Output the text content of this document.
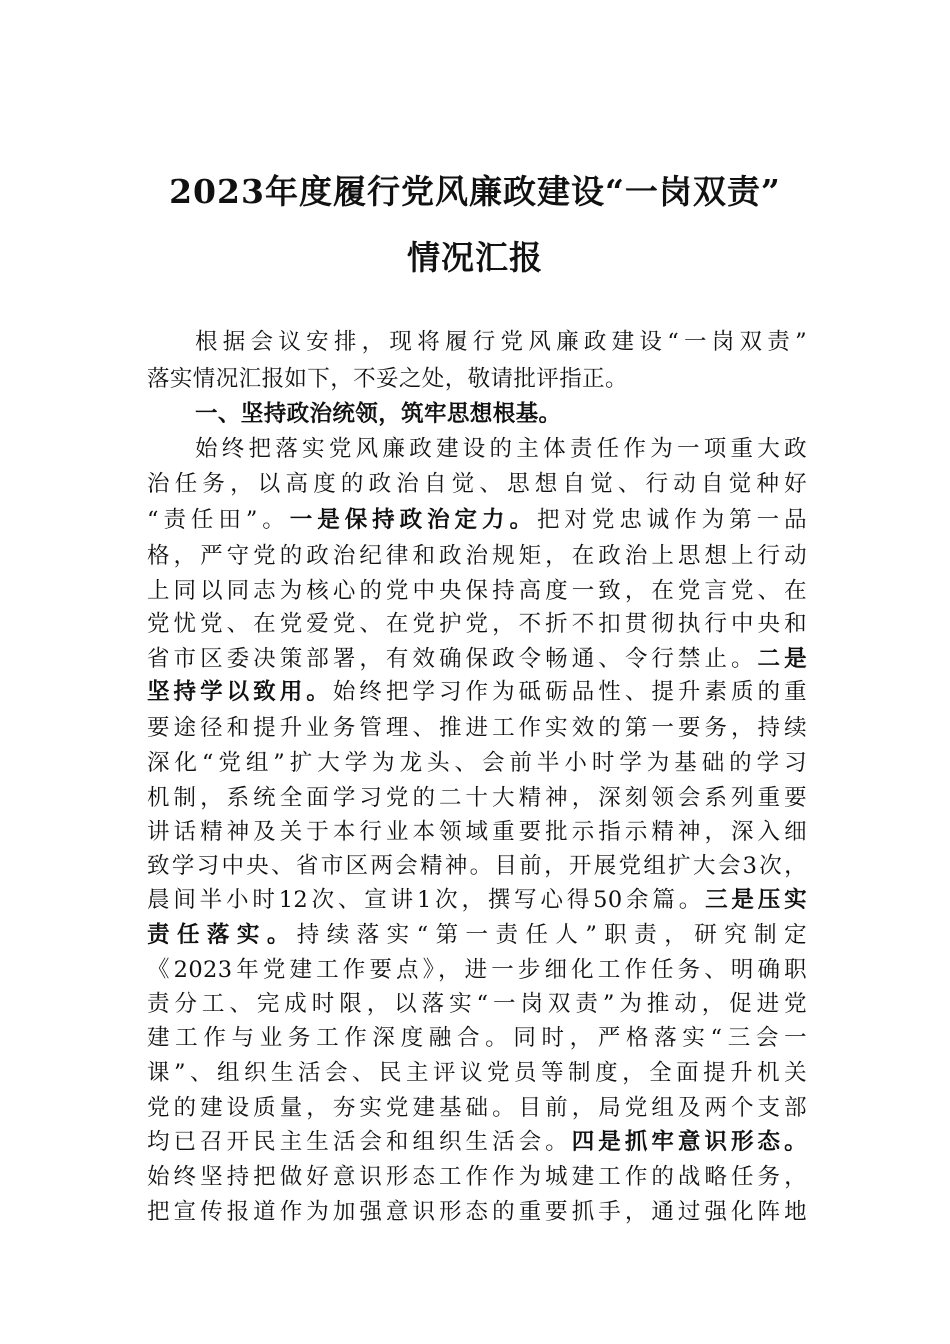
2023年度履行党风廉政建设“一岗双责”
情况汇报
根据会议安排，现将履行党风廉政建设“一岗双责”
落实情况汇报如下，不妥之处，敬请批评指正。
一、坚持政治统领，筑牢思想根基。
始终把落实党风廉政建设的主体责任作为一项重大政
治任务，以高度的政治自觉、思想自觉、行动自觉种好
“责任田”。一是保持政治定力。把对党忠诚作为第一品
格，严守党的政治纪律和政治规矩，在政治上思想上行动
上同以同志为核心的党中央保持高度一致，在党言党、在
党忧党、在党爱党、在党护党，不折不扣贯彻执行中央和
省市区委决策部署，有效确保政令畅通、令行禁止。二是
坚持学以致用。始终把学习作为砥砺品性、提升素质的重
要途径和提升业务管理、推进工作实效的第一要务，持续
深化“党组”扩大学为龙头、会前半小时学为基础的学习
机制，系统全面学习党的二十大精神，深刻领会系列重要
讲话精神及关于本行业本领域重要批示指示精神，深入细
致学习中央、省市区两会精神。目前，开展党组扩大会3次，
晨间半小时12次、宣讲1次，撰写心得50余篇。三是压实
责任落实。持续落实“第一责任人”职责，研究制定
《2023年党建工作要点》，进一步细化工作任务、明确职
责分工、完成时限，以落实“一岗双责”为推动，促进党
建工作与业务工作深度融合。同时，严格落实“三会一
课”、组织生活会、民主评议党员等制度，全面提升机关
党的建设质量，夯实党建基础。目前，局党组及两个支部
均已召开民主生活会和组织生活会。四是抓牢意识形态。
始终坚持把做好意识形态工作作为城建工作的战略任务，
把宣传报道作为加强意识形态的重要抓手，通过强化阵地
